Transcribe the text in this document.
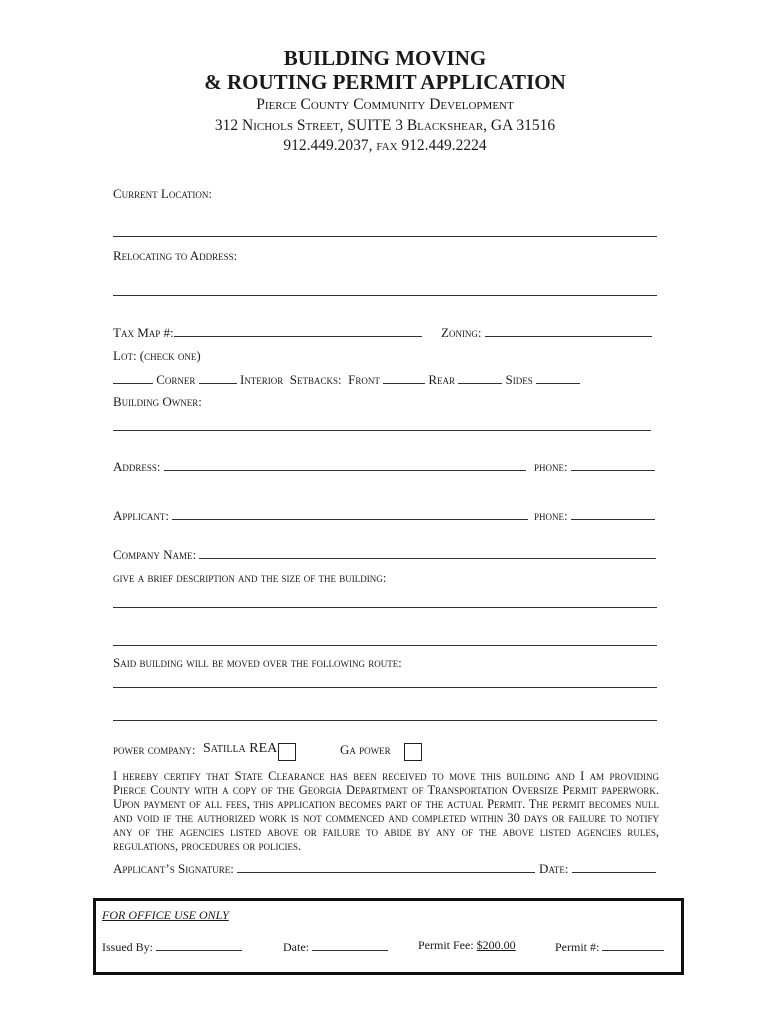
BUILDING MOVING
& ROUTING PERMIT APPLICATION
Pierce County Community Development
312 Nichols Street, SUITE 3 Blackshear, GA 31516
912.449.2037, fax 912.449.2224
Current Location:
Relocating to Address:
Tax Map #:	Zoning:
Lot: (check one)
Corner	Interior Setbacks: Front	Rear	Sides
Building Owner:
Address:	phone:
Applicant:	phone:
Company Name:
give a brief description and the size of the building:
Said building will be moved over the following route:
power company: Satilla REA	Ga power
I hereby certify that State Clearance has been received to move this building and I am providing Pierce County with a copy of the Georgia Department of Transportation Oversize Permit paperwork. Upon payment of all fees, this application becomes part of the actual Permit. The permit becomes null and void if the authorized work is not commenced and completed within 30 days or failure to notify any of the agencies listed above or failure to abide by any of the above listed agencies rules, regulations, procedures or policies.
Applicant’s Signature:	Date:
FOR OFFICE USE ONLY
Issued By:	Date:	Permit Fee: $200.00	Permit #:
